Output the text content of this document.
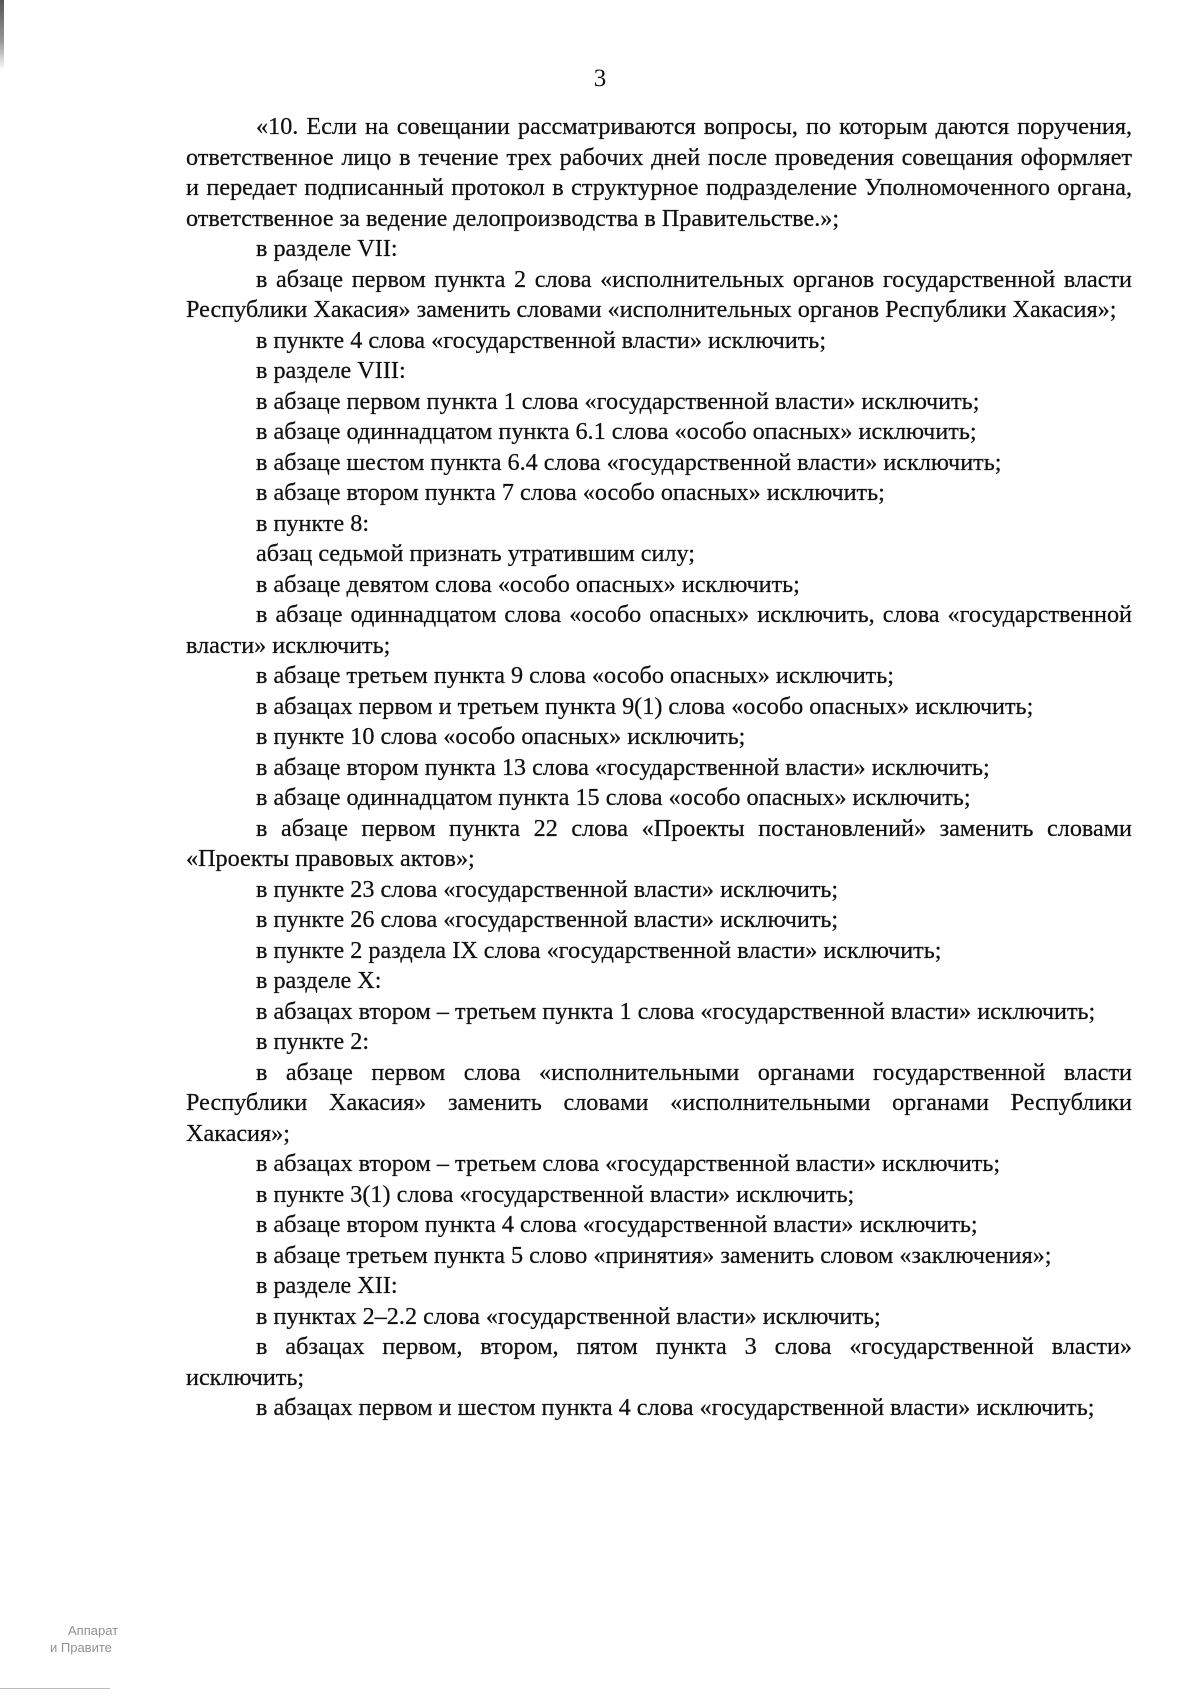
3

«10. Если на совещании рассматриваются вопросы, по которым даются поручения, ответственное лицо в течение трех рабочих дней после проведения совещания оформляет и передает подписанный протокол в структурное подразделение Уполномоченного органа, ответственное за ведение делопроизводства в Правительстве.»;

в разделе VII:

в абзаце первом пункта 2 слова «исполнительных органов государственной власти Республики Хакасия» заменить словами «исполнительных органов Республики Хакасия»;

в пункте 4 слова «государственной власти» исключить;

в разделе VIII:

в абзаце первом пункта 1 слова «государственной власти» исключить;

в абзаце одиннадцатом пункта 6.1 слова «особо опасных» исключить;

в абзаце шестом пункта 6.4 слова «государственной власти» исключить;

в абзаце втором пункта 7 слова «особо опасных» исключить;

в пункте 8:

абзац седьмой признать утратившим силу;

в абзаце девятом слова «особо опасных» исключить;

в абзаце одиннадцатом слова «особо опасных» исключить, слова «государственной власти» исключить;

в абзаце третьем пункта 9 слова «особо опасных» исключить;

в абзацах первом и третьем пункта 9(1) слова «особо опасных» исключить;

в пункте 10 слова «особо опасных» исключить;

в абзаце втором пункта 13 слова «государственной власти» исключить;

в абзаце одиннадцатом пункта 15 слова «особо опасных» исключить;

в абзаце первом пункта 22 слова «Проекты постановлений» заменить словами «Проекты правовых актов»;

в пункте 23 слова «государственной власти» исключить;

в пункте 26 слова «государственной власти» исключить;

в пункте 2 раздела IX слова «государственной власти» исключить;

в разделе X:

в абзацах втором – третьем пункта 1 слова «государственной власти» исключить;

в пункте 2:

в абзаце первом слова «исполнительными органами государственной власти Республики Хакасия» заменить словами «исполнительными органами Республики Хакасия»;

в абзацах втором – третьем слова «государственной власти» исключить;

в пункте 3(1) слова «государственной власти» исключить;

в абзаце втором пункта 4 слова «государственной власти» исключить;

в абзаце третьем пункта 5 слово «принятия» заменить словом «заключения»;

в разделе XII:

в пунктах 2–2.2 слова «государственной власти» исключить;

в абзацах первом, втором, пятом пункта 3 слова «государственной власти» исключить;

в абзацах первом и шестом пункта 4 слова «государственной власти» исключить;

Аппарат
и Правите
